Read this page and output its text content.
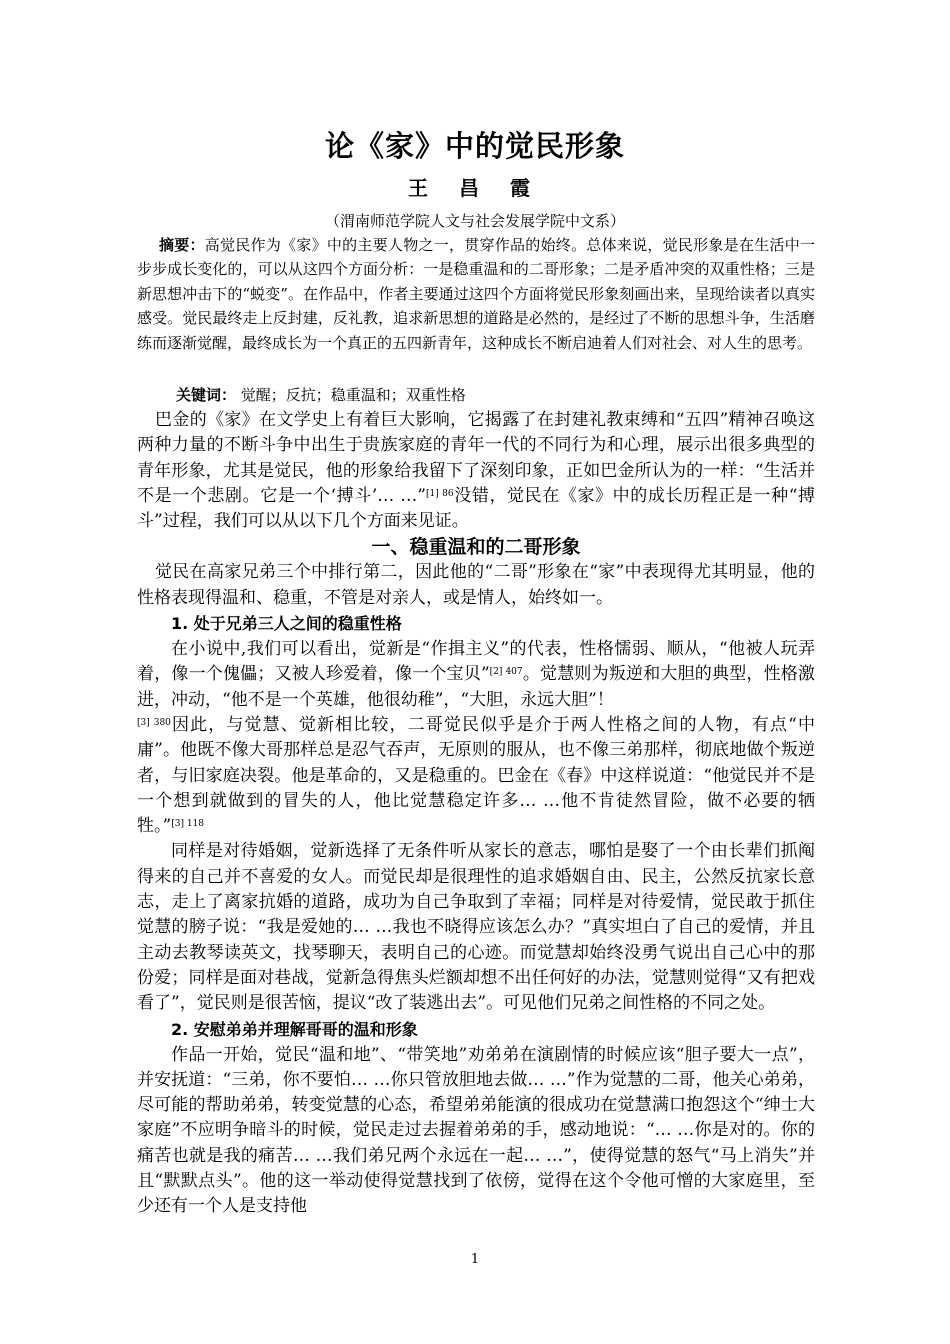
论《家》中的觉民形象
王 昌 霞
（渭南师范学院人文与社会发展学院中文系）
摘要：高觉民作为《家》中的主要人物之一，贯穿作品的始终。总体来说，觉民形象是在生活中一步步成长变化的，可以从这四个方面分析：一是稳重温和的二哥形象；二是矛盾冲突的双重性格；三是新思想冲击下的“蜕变”。在作品中，作者主要通过这四个方面将觉民形象刻画出来，呈现给读者以真实感受。觉民最终走上反封建，反礼教，追求新思想的道路是必然的，是经过了不断的思想斗争，生活磨练而逐渐觉醒，最终成长为一个真正的五四新青年，这种成长不断启迪着人们对社会、对人生的思考。
关键词： 觉醒；反抗；稳重温和；双重性格

巴金的《家》在文学史上有着巨大影响，它揭露了在封建礼教束缚和“五四”精神召唤这两种力量的不断斗争中出生于贵族家庭的青年一代的不同行为和心理，展示出很多典型的青年形象，尤其是觉民，他的形象给我留下了深刻印象，正如巴金所认为的一样：“生活并不是一个悲剧。它是一个‘搏斗’… …”$^{[1] 86}$没错，觉民在《家》中的成长历程正是一种“搏斗”过程，我们可以从以下几个方面来见证。

一、稳重温和的二哥形象

觉民在高家兄弟三个中排行第二，因此他的“二哥”形象在“家”中表现得尤其明显，他的性格表现得温和、稳重，不管是对亲人，或是情人，始终如一。

1. 处于兄弟三人之间的稳重性格

在小说中,我们可以看出，觉新是“作揖主义”的代表，性格懦弱、顺从，“他被人玩弄着，像一个傀儡；又被人珍爱着，像一个宝贝”$^{[2] 407}$。觉慧则为叛逆和大胆的典型，性格激进，冲动，“他不是一个英雄，他很幼稚”，“大胆，永远大胆”！
$^{[3] 380}$因此，与觉慧、觉新相比较，二哥觉民似乎是介于两人性格之间的人物，有点“中庸”。他既不像大哥那样总是忍气吞声，无原则的服从，也不像三弟那样，彻底地做个叛逆者，与旧家庭决裂。他是革命的，又是稳重的。巴金在《春》中这样说道：“他觉民并不是一个想到就做到的冒失的人，他比觉慧稳定许多… …他不肯徒然冒险，做不必要的牺牲。”$^{[3] 118}$

同样是对待婚姻，觉新选择了无条件听从家长的意志，哪怕是娶了一个由长辈们抓阄得来的自己并不喜爱的女人。而觉民却是很理性的追求婚姻自由、民主，公然反抗家长意志，走上了离家抗婚的道路，成功为自己争取到了幸福；同样是对待爱情，觉民敢于抓住觉慧的膀子说：“我是爱她的… …我也不晓得应该怎么办？”真实坦白了自己的爱情，并且主动去教琴读英文，找琴聊天，表明自己的心迹。而觉慧却始终没勇气说出自己心中的那份爱；同样是面对巷战，觉新急得焦头烂额却想不出任何好的办法，觉慧则觉得“又有把戏看了”，觉民则是很苦恼，提议“改了装逃出去”。可见他们兄弟之间性格的不同之处。

2. 安慰弟弟并理解哥哥的温和形象

作品一开始，觉民“温和地”、“带笑地”劝弟弟在演剧情的时候应该“胆子要大一点”，并安抚道：“三弟，你不要怕… …你只管放胆地去做… …”作为觉慧的二哥，他关心弟弟，尽可能的帮助弟弟，转变觉慧的心态，希望弟弟能演的很成功在觉慧满口抱怨这个“绅士大家庭”不应明争暗斗的时候，觉民走过去握着弟弟的手，感动地说：“… …你是对的。你的痛苦也就是我的痛苦… …我们弟兄两个永远在一起… …”，使得觉慧的怒气“马上消失”并且“默默点头”。他的这一举动使得觉慧找到了依傍，觉得在这个令他可憎的大家庭里，至少还有一个人是支持他

1
